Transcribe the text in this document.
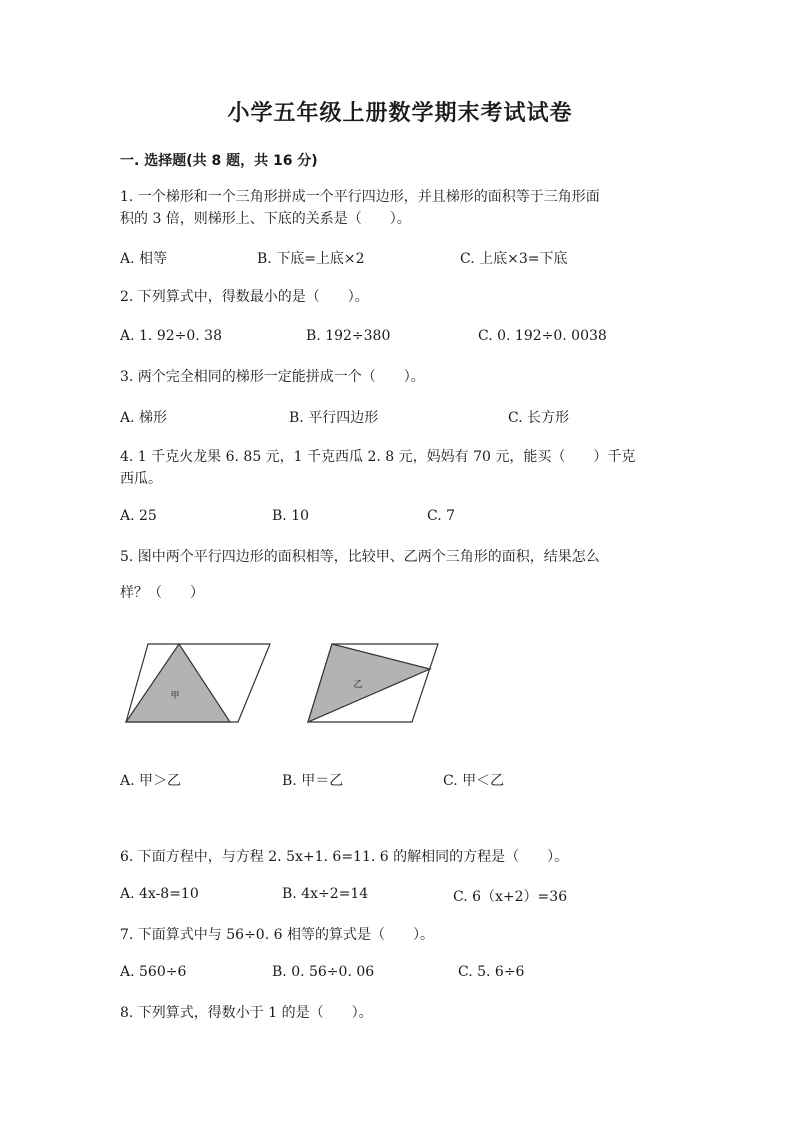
小学五年级上册数学期末考试试卷
一. 选择题(共 8 题，共 16 分)
1. 一个梯形和一个三角形拼成一个平行四边形，并且梯形的面积等于三角形面
积的 3 倍，则梯形上、下底的关系是（　　）。
A. 相等	B. 下底=上底×2	C. 上底×3=下底
2. 下列算式中，得数最小的是（　　）。
A. 1. 92÷0. 38	B. 192÷380	C. 0. 192÷0. 0038
3. 两个完全相同的梯形一定能拼成一个（　　）。
A. 梯形	B. 平行四边形	C. 长方形
4. 1 千克火龙果 6. 85 元，1 千克西瓜 2. 8 元，妈妈有 70 元，能买（　　）千克
西瓜。
A. 25	B. 10	C. 7
5. 图中两个平行四边形的面积相等，比较甲、乙两个三角形的面积，结果怎么
样？（　　）
甲
乙
A. 甲＞乙	B. 甲＝乙	C. 甲＜乙
6. 下面方程中，与方程 2. 5x+1. 6=11. 6 的解相同的方程是（　　）。
A. 4x-8=10	B. 4x÷2=14	C. 6（x+2）=36
7. 下面算式中与 56÷0. 6 相等的算式是（　　）。
A. 560÷6	B. 0. 56÷0. 06	C. 5. 6÷6
8. 下列算式，得数小于 1 的是（　　）。
